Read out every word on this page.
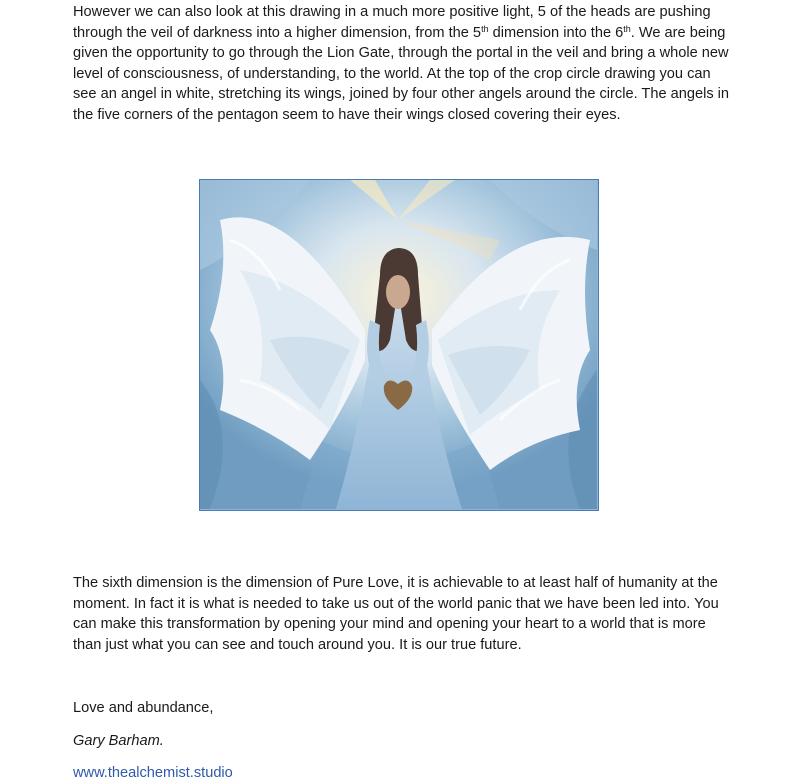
However we can also look at this drawing in a much more positive light, 5 of the heads are pushing through the veil of darkness into a higher dimension, from the 5th dimension into the 6th. We are being given the opportunity to go through the Lion Gate, through the portal in the veil and bring a whole new level of consciousness, of understanding, to the world. At the top of the crop circle drawing you can see an angel in white, stretching its wings, joined by four other angels around the circle. The angels in the five corners of the pentagon seem to have their wings closed covering their eyes.

The sixth dimension is the dimension of Pure Love, it is achievable to at least half of humanity at the moment. In fact it is what is needed to take us out of the world panic that we have been led into. You can make this transformation by opening your mind and opening your heart to a world that is more than just what you can see and touch around you. It is our true future.

Love and abundance,

Gary Barham.

www.thealchemist.studio
